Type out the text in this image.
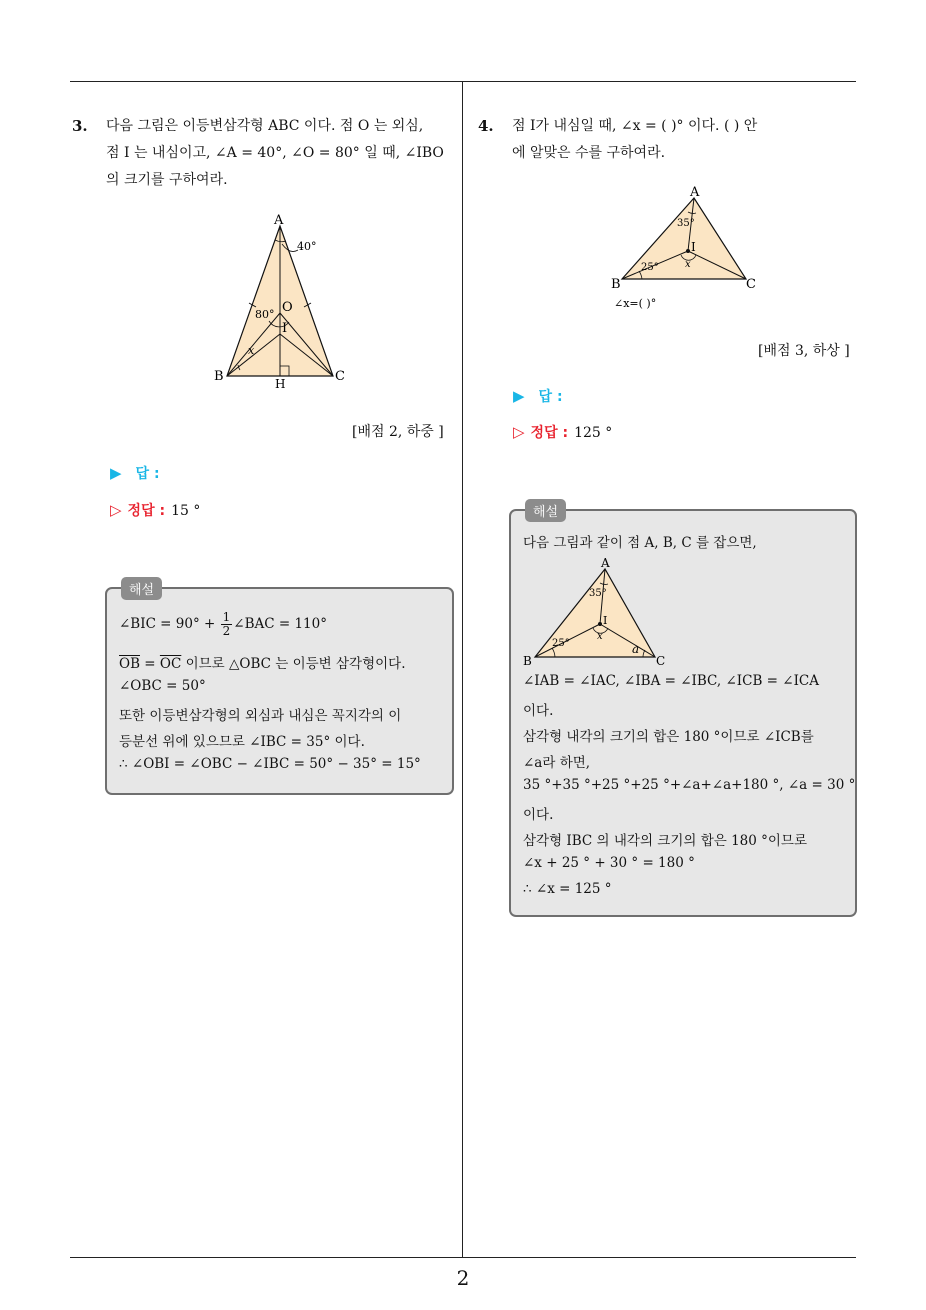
2
3. 다음 그림은 이등변삼각형 ABC 이다. 점 O 는 외심,
점 I 는 내심이고, ∠A = 40°, ∠O = 80° 일 때, ∠IBO
의 크기를 구하여라.
A
B	C
H
O
I
40°
80°
x
[배점 2, 하중 ]
▶ 답 :
▷ 정답 : 15 °
해설
∠BIC = $90^\circ + \frac{1}{2}$ ∠BAC = 110°
$\overline{OB} = \overline{OC}$ 이므로 △OBC 는 이등변 삼각형이다.
∠OBC = 50°
또한 이등변삼각형의 외심과 내심은 꼭지각의 이
등분선 위에 있으므로 ∠IBC = 35° 이다.
∴ ∠OBI = ∠OBC − ∠IBC = 50° − 35° = 15°
4. 점 I가 내심일 때, ∠x = ( )° 이다. ( ) 안
에 알맞은 수를 구하여라.
A
B	C
I
35°
25°	x
∠x=( )°
[배점 3, 하상 ]
▶ 답 :
▷ 정답 : 125 °
해설
다음 그림과 같이 점 A, B, C 를 잡으면,
A
B	C
I
35°
25°
x
a
∠IAB = ∠IAC, ∠IBA = ∠IBC, ∠ICB = ∠ICA
이다.
삼각형 내각의 크기의 합은 180 °이므로 ∠ICB를
∠a라 하면,
35 °+35 °+25 °+25 °+∠a+∠a+180 °, ∠a = 30 °
이다.
삼각형 IBC 의 내각의 크기의 합은 180 °이므로
∠x + 25 ° + 30 ° = 180 °
∴ ∠x = 125 °
